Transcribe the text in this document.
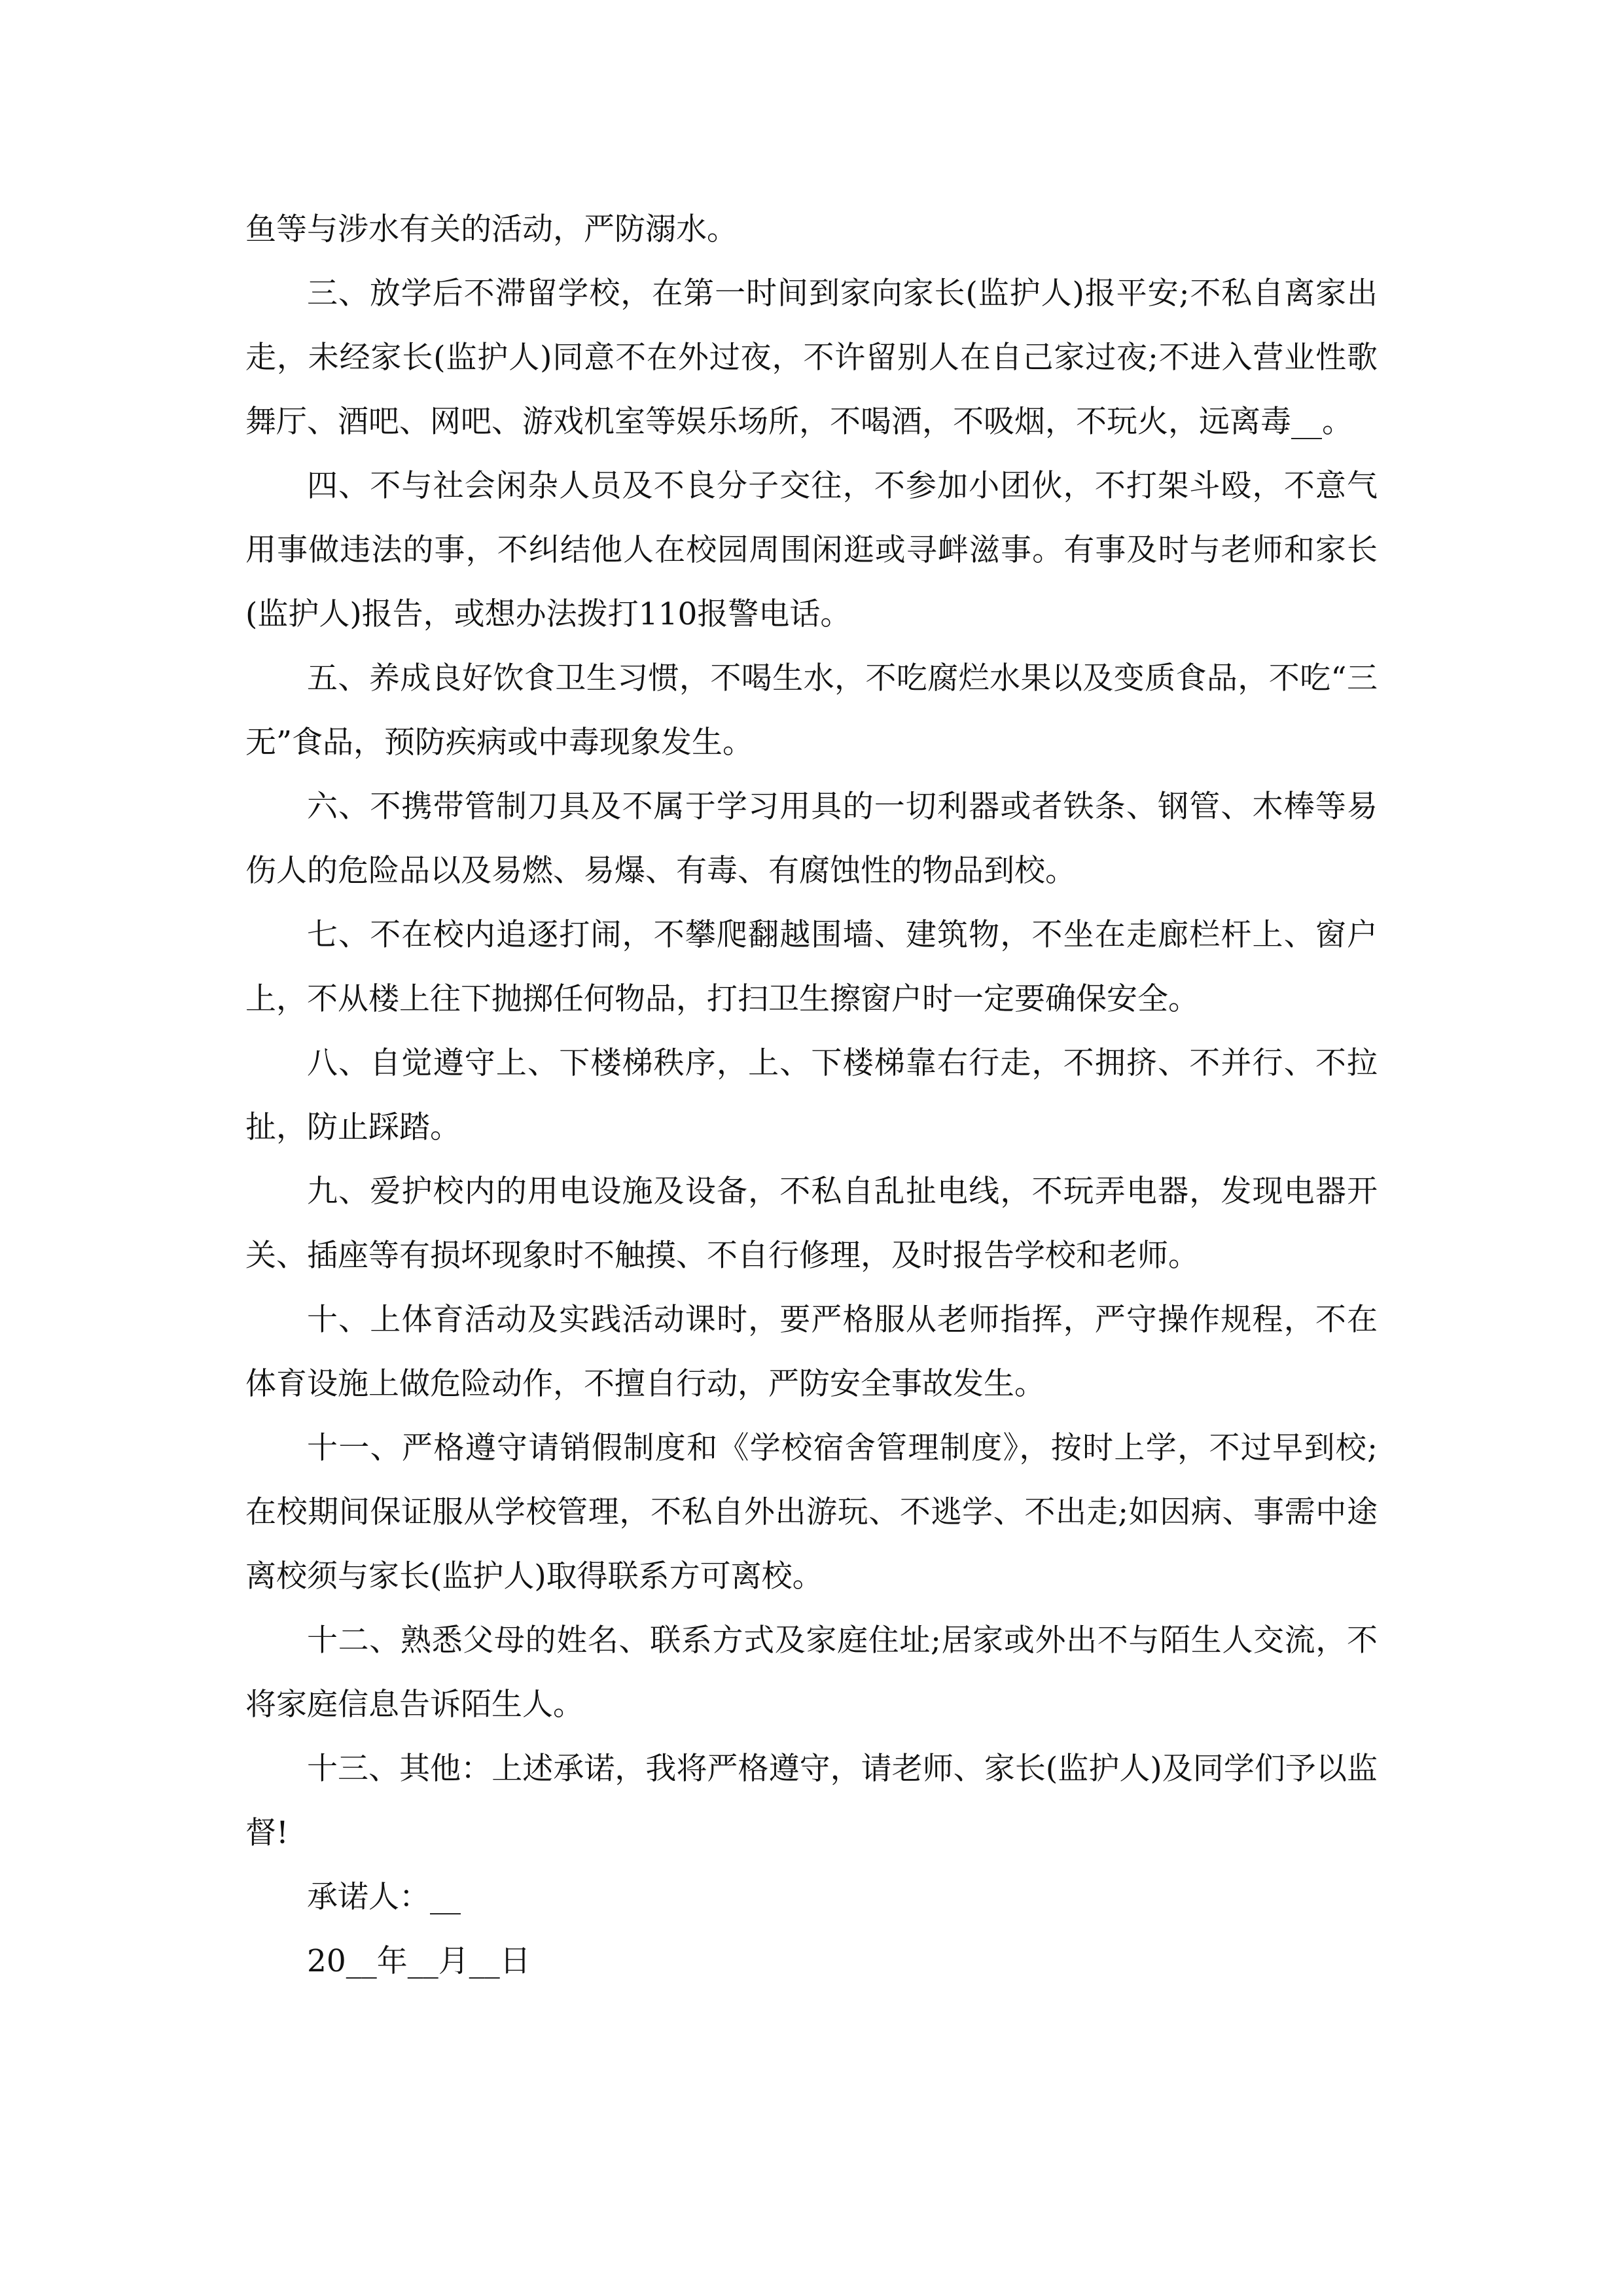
鱼等与涉水有关的活动，严防溺水。

三、放学后不滞留学校，在第一时间到家向家长(监护人)报平安;不私自离家出走，未经家长(监护人)同意不在外过夜，不许留别人在自己家过夜;不进入营业性歌舞厅、酒吧、网吧、游戏机室等娱乐场所，不喝酒，不吸烟，不玩火，远离毒__。

四、不与社会闲杂人员及不良分子交往，不参加小团伙，不打架斗殴，不意气用事做违法的事，不纠结他人在校园周围闲逛或寻衅滋事。有事及时与老师和家长(监护人)报告，或想办法拨打110报警电话。

五、养成良好饮食卫生习惯，不喝生水，不吃腐烂水果以及变质食品，不吃“三无”食品，预防疾病或中毒现象发生。

六、不携带管制刀具及不属于学习用具的一切利器或者铁条、钢管、木棒等易伤人的危险品以及易燃、易爆、有毒、有腐蚀性的物品到校。

七、不在校内追逐打闹，不攀爬翻越围墙、建筑物，不坐在走廊栏杆上、窗户上，不从楼上往下抛掷任何物品，打扫卫生擦窗户时一定要确保安全。

八、自觉遵守上、下楼梯秩序，上、下楼梯靠右行走，不拥挤、不并行、不拉扯，防止踩踏。

九、爱护校内的用电设施及设备，不私自乱扯电线，不玩弄电器，发现电器开关、插座等有损坏现象时不触摸、不自行修理，及时报告学校和老师。

十、上体育活动及实践活动课时，要严格服从老师指挥，严守操作规程，不在体育设施上做危险动作，不擅自行动，严防安全事故发生。

十一、严格遵守请销假制度和《学校宿舍管理制度》，按时上学，不过早到校;在校期间保证服从学校管理，不私自外出游玩、不逃学、不出走;如因病、事需中途离校须与家长(监护人)取得联系方可离校。

十二、熟悉父母的姓名、联系方式及家庭住址;居家或外出不与陌生人交流，不将家庭信息告诉陌生人。

十三、其他：上述承诺，我将严格遵守，请老师、家长(监护人)及同学们予以监督!

承诺人：__

20__年__月__日
